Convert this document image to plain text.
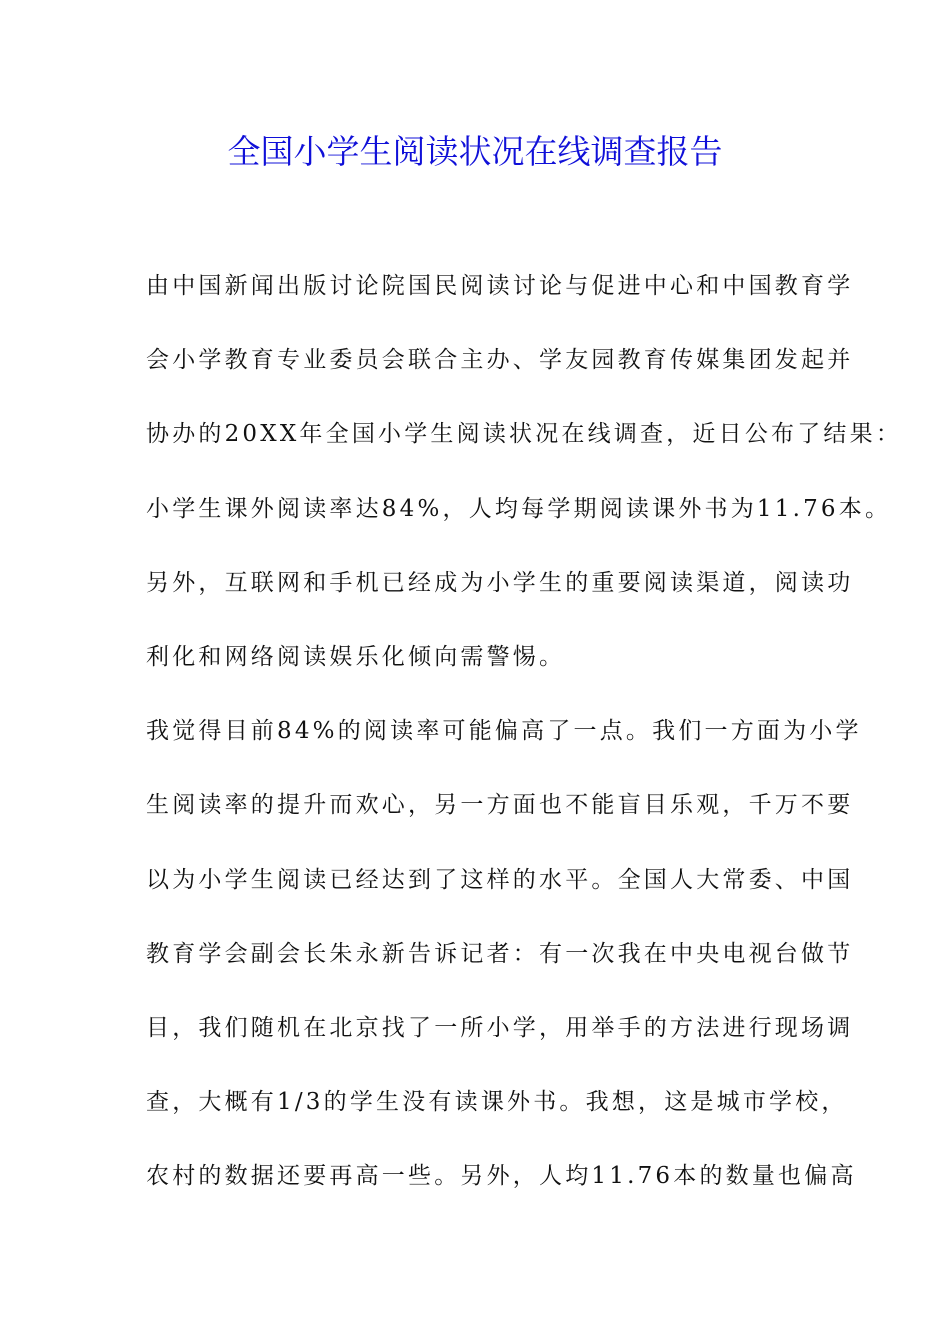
全国小学生阅读状况在线调查报告
由中国新闻出版讨论院国民阅读讨论与促进中心和中国教育学
会小学教育专业委员会联合主办、学友园教育传媒集团发起并
协办的20XX年全国小学生阅读状况在线调查，近日公布了结果：
小学生课外阅读率达84%，人均每学期阅读课外书为11.76本。
另外，互联网和手机已经成为小学生的重要阅读渠道，阅读功
利化和网络阅读娱乐化倾向需警惕。
我觉得目前84%的阅读率可能偏高了一点。我们一方面为小学
生阅读率的提升而欢心，另一方面也不能盲目乐观，千万不要
以为小学生阅读已经达到了这样的水平。全国人大常委、中国
教育学会副会长朱永新告诉记者：有一次我在中央电视台做节
目，我们随机在北京找了一所小学，用举手的方法进行现场调
查，大概有1/3的学生没有读课外书。我想，这是城市学校，
农村的数据还要再高一些。另外，人均11.76本的数量也偏高
